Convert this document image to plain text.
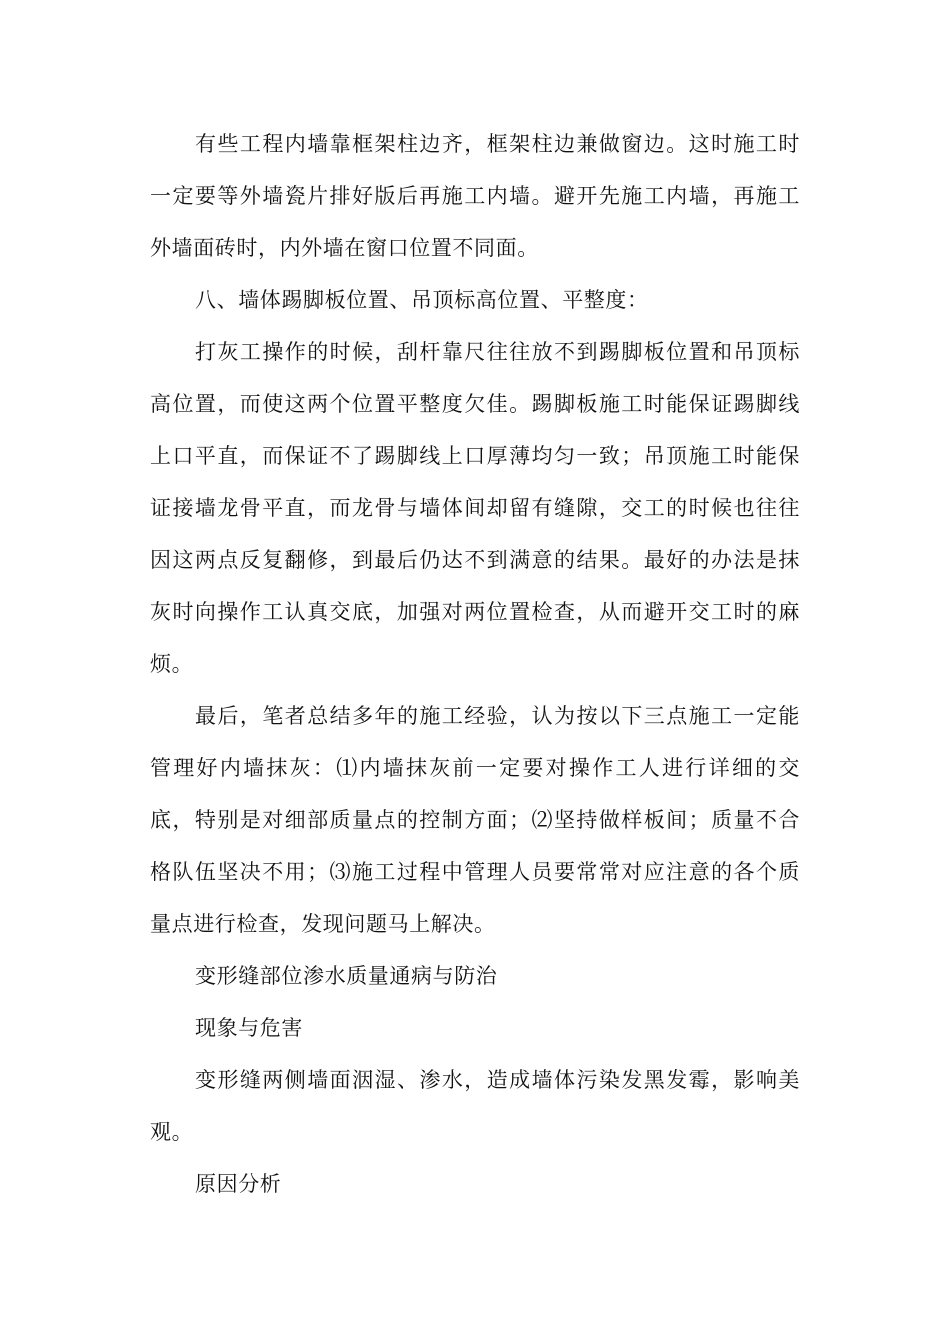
有些工程内墙靠框架柱边齐，框架柱边兼做窗边。这时施工时
一定要等外墙瓷片排好版后再施工内墙。避开先施工内墙，再施工
外墙面砖时，内外墙在窗口位置不同面。
八、墙体踢脚板位置、吊顶标高位置、平整度：
打灰工操作的时候，刮杆靠尺往往放不到踢脚板位置和吊顶标
高位置，而使这两个位置平整度欠佳。踢脚板施工时能保证踢脚线
上口平直，而保证不了踢脚线上口厚薄均匀一致；吊顶施工时能保
证接墙龙骨平直，而龙骨与墙体间却留有缝隙，交工的时候也往往
因这两点反复翻修，到最后仍达不到满意的结果。最好的办法是抹
灰时向操作工认真交底，加强对两位置检查，从而避开交工时的麻
烦。
最后，笔者总结多年的施工经验，认为按以下三点施工一定能
管理好内墙抹灰：⑴内墙抹灰前一定要对操作工人进行详细的交
底，特别是对细部质量点的控制方面；⑵坚持做样板间；质量不合
格队伍坚决不用；⑶施工过程中管理人员要常常对应注意的各个质
量点进行检查，发现问题马上解决。
变形缝部位渗水质量通病与防治
现象与危害
变形缝两侧墙面洇湿、渗水，造成墙体污染发黑发霉，影响美
观。
原因分析
